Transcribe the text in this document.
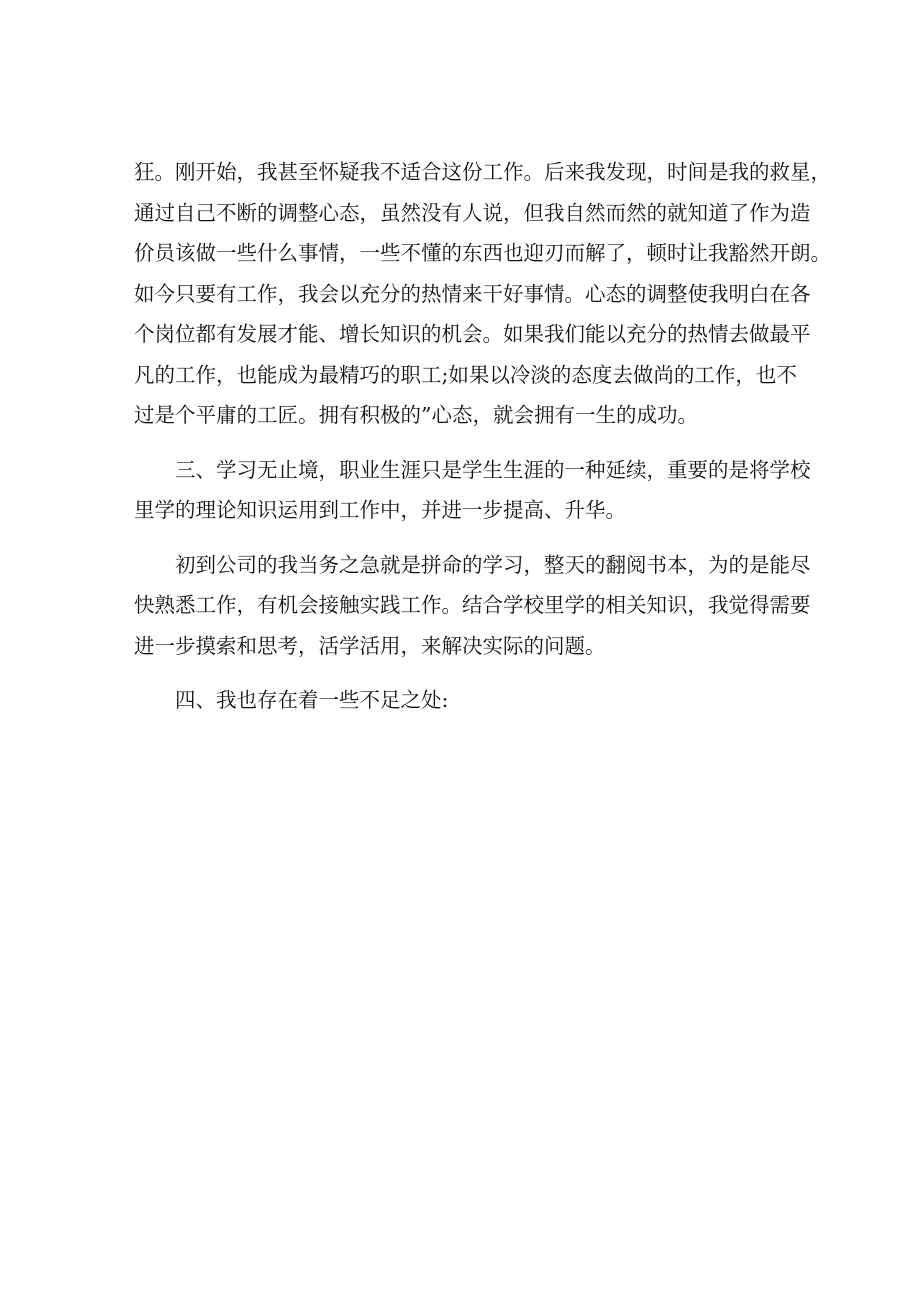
狂。刚开始，我甚至怀疑我不适合这份工作。后来我发现，时间是我的救星，
通过自己不断的调整心态，虽然没有人说，但我自然而然的就知道了作为造
价员该做一些什么事情，一些不懂的东西也迎刃而解了，顿时让我豁然开朗。
如今只要有工作，我会以充分的热情来干好事情。心态的调整使我明白在各
个岗位都有发展才能、增长知识的机会。如果我们能以充分的热情去做最平
凡的工作，也能成为最精巧的职工;如果以冷淡的态度去做尚的工作，也不
过是个平庸的工匠。拥有积极的”心态，就会拥有一生的成功。
三、学习无止境，职业生涯只是学生生涯的一种延续，重要的是将学校
里学的理论知识运用到工作中，并进一步提高、升华。
初到公司的我当务之急就是拼命的学习，整天的翻阅书本，为的是能尽
快熟悉工作，有机会接触实践工作。结合学校里学的相关知识，我觉得需要
进一步摸索和思考，活学活用，来解决实际的问题。
四、我也存在着一些不足之处:
